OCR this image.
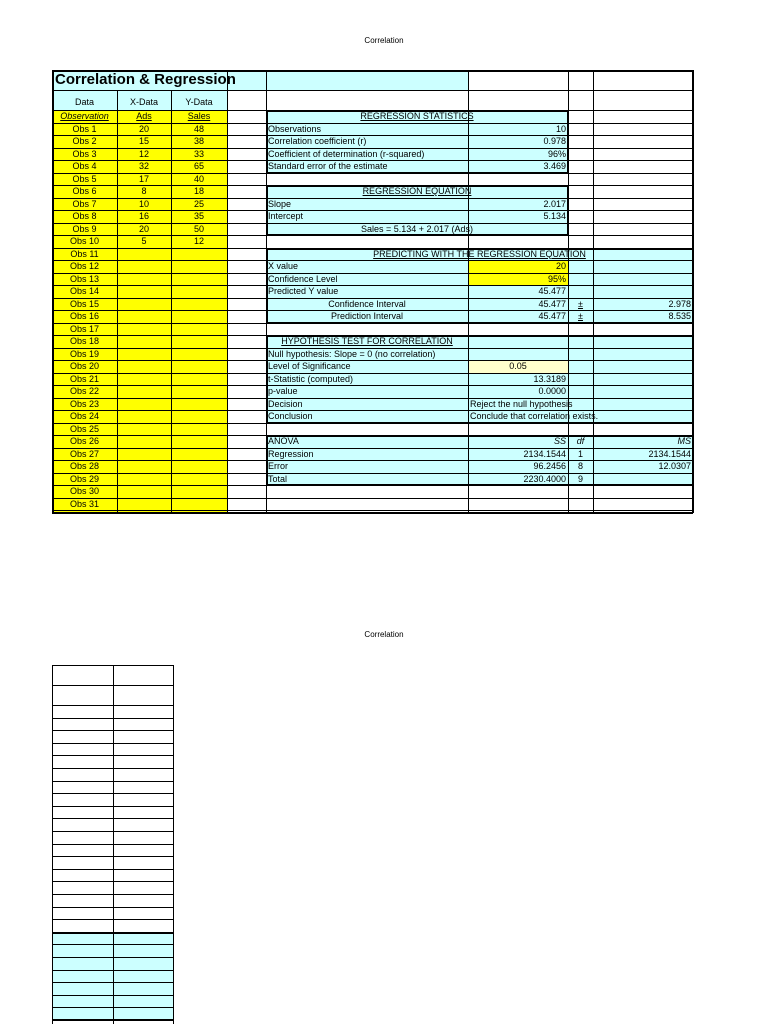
Correlation
Correlation & Regression
Data	X-Data	Y-Data
Observation	Ads	Sales
Obs 1	20	48
Obs 2	15	38
Obs 3	12	33
Obs 4	32	65
Obs 5	17	40
Obs 6	8	18
Obs 7	10	25
Obs 8	16	35
Obs 9	20	50
Obs 10	5	12
Obs 11
Obs 12
Obs 13
Obs 14
Obs 15
Obs 16
Obs 17
Obs 18
Obs 19
Obs 20
Obs 21
Obs 22
Obs 23
Obs 24
Obs 25
Obs 26
Obs 27
Obs 28
Obs 29
Obs 30
Obs 31
REGRESSION STATISTICS
Observations	10
Correlation coefficient (r)	0.978
Coefficient of determination (r-squared)	96%
Standard error of the estimate	3.469
REGRESSION EQUATION
Slope	2.017
Intercept	5.134
Sales = 5.134 + 2.017 (Ads)
PREDICTING WITH THE REGRESSION EQUATION
X value	20
Confidence Level	95%
Predicted Y value	45.477
Confidence Interval	45.477	±	2.978
Prediction Interval	45.477	±	8.535
HYPOTHESIS TEST FOR CORRELATION
Null hypothesis: Slope = 0 (no correlation)
Level of Significance	0.05
t-Statistic (computed)	13.3189
p-value	0.0000
Decision	Reject the null hypothesis
Conclusion	Conclude that correlation exists.
ANOVA	SS	df	MS
Regression	2134.1544	1	2134.1544
Error	96.2456	8	12.0307
Total	2230.4000	9
Correlation
